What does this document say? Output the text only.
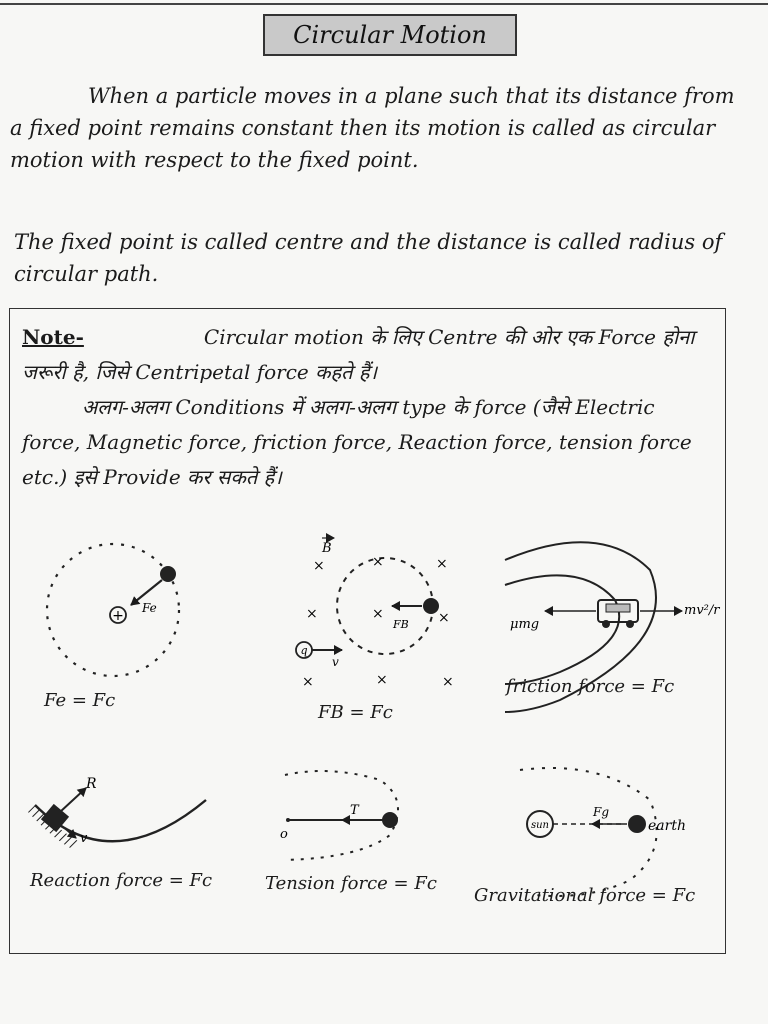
Circular Motion

When a particle moves in a plane such that its distance from a fixed point remains constant then its motion is called as circular motion with respect to the fixed point.

The fixed point is called centre and the distance is called radius of circular path.

Note-	Circular motion के लिए Centre की ओर एक Force होना जरूरी है, जिसे Centripetal force कहते हैं।
अलग-अलग Conditions में अलग-अलग type के force (जैसे Electric force, Magnetic force, friction force, Reaction force, tension force etc.) इसे Provide कर सकते हैं।

+ Fe
B
FB
q
v
×	×	×
×	×	×
×	×	×
μmg
mv²/r
R
v	o
T
sun
Fg
earth
Fe = Fc
FB = Fc
friction force = Fc
Reaction force = Fc	Tension force = Fc
Gravitational force = Fc
